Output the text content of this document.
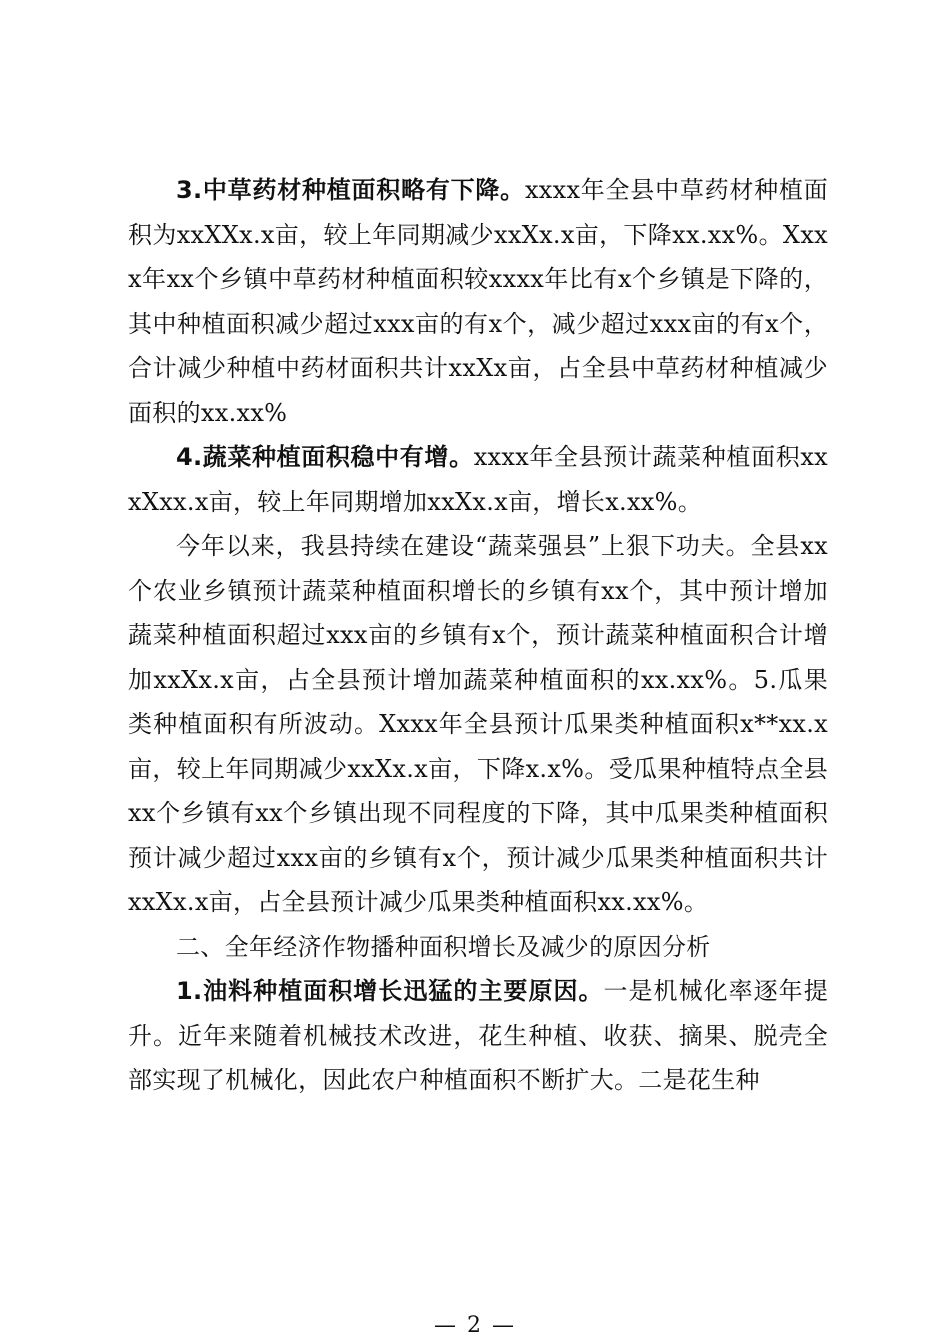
3.中草药材种植面积略有下降。xxxx年全县中草药材种植面积为xxXXx.x亩，较上年同期减少xxXx.x亩，下降xx.xx%。Xxxx年xx个乡镇中草药材种植面积较xxxx年比有x个乡镇是下降的，其中种植面积减少超过xxx亩的有x个，减少超过xxx亩的有x个，合计减少种植中药材面积共计xxXx亩，占全县中草药材种植减少面积的xx.xx%

4.蔬菜种植面积稳中有增。xxxx年全县预计蔬菜种植面积xxxXxx.x亩，较上年同期增加xxXx.x亩，增长x.xx%。

今年以来，我县持续在建设“蔬菜强县”上狠下功夫。全县xx个农业乡镇预计蔬菜种植面积增长的乡镇有xx个，其中预计增加蔬菜种植面积超过xxx亩的乡镇有x个，预计蔬菜种植面积合计增加xxXx.x亩，占全县预计增加蔬菜种植面积的xx.xx%。5.瓜果类种植面积有所波动。Xxxx年全县预计瓜果类种植面积x**xx.x亩，较上年同期减少xxXx.x亩，下降x.x%。受瓜果种植特点全县xx个乡镇有xx个乡镇出现不同程度的下降，其中瓜果类种植面积预计减少超过xxx亩的乡镇有x个，预计减少瓜果类种植面积共计xxXx.x亩，占全县预计减少瓜果类种植面积xx.xx%。

二、全年经济作物播种面积增长及减少的原因分析

1.油料种植面积增长迅猛的主要原因。一是机械化率逐年提升。近年来随着机械技术改进，花生种植、收获、摘果、脱壳全部实现了机械化，因此农户种植面积不断扩大。二是花生种

— 2 —
